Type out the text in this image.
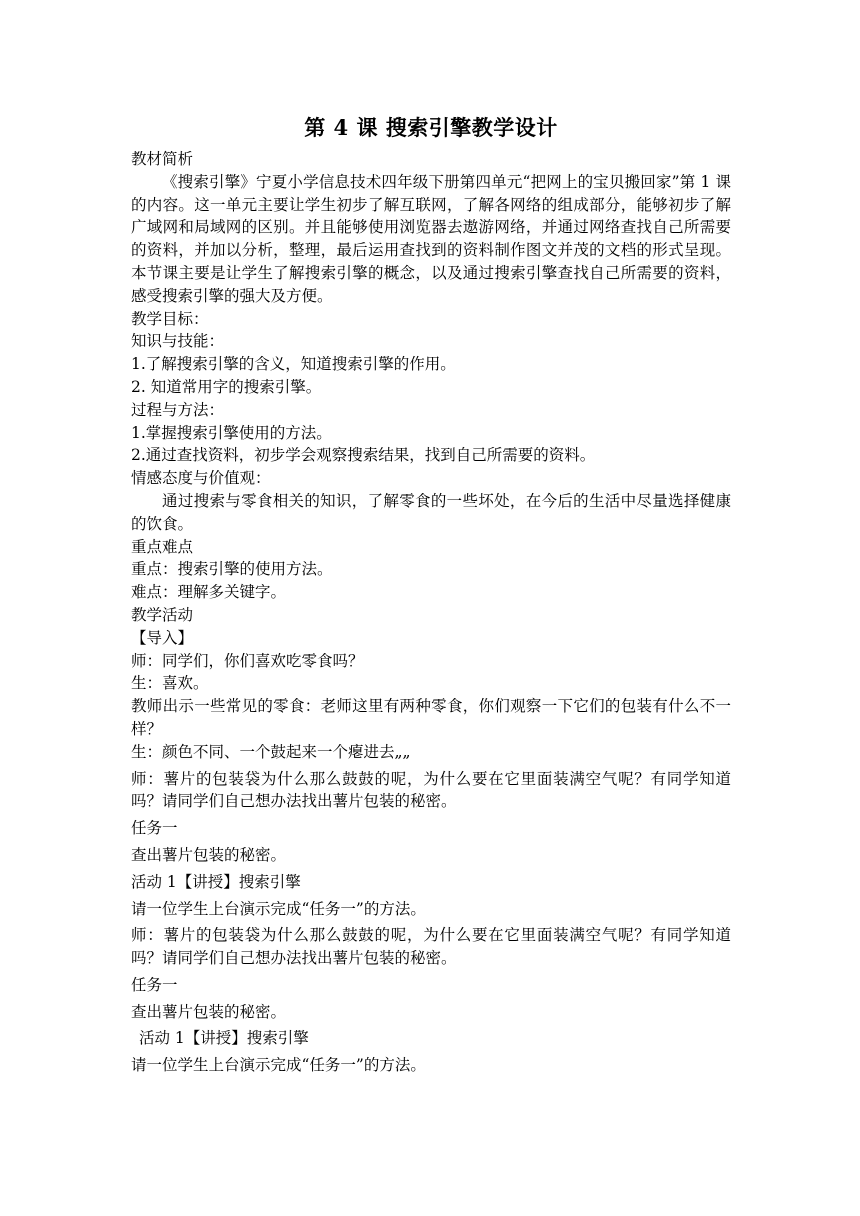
第 4 课 搜索引擎教学设计

教材简析

《搜索引擎》宁夏小学信息技术四年级下册第四单元“把网上的宝贝搬回家”第 1 课的内容。这一单元主要让学生初步了解互联网，了解各网络的组成部分，能够初步了解广域网和局域网的区别。并且能够使用浏览器去遨游网络，并通过网络查找自己所需要的资料，并加以分析，整理，最后运用查找到的资料制作图文并茂的文档的形式呈现。本节课主要是让学生了解搜索引擎的概念，以及通过搜索引擎查找自己所需要的资料，感受搜索引擎的强大及方便。

教学目标：

知识与技能：

1.了解搜索引擎的含义，知道搜索引擎的作用。

2. 知道常用字的搜索引擎。

过程与方法：

1.掌握搜索引擎使用的方法。

2.通过查找资料，初步学会观察搜索结果，找到自己所需要的资料。

情感态度与价值观：

通过搜索与零食相关的知识，了解零食的一些坏处，在今后的生活中尽量选择健康的饮食。

重点难点

重点：搜索引擎的使用方法。

难点：理解多关键字。

教学活动

【导入】

师：同学们，你们喜欢吃零食吗？

生：喜欢。

教师出示一些常见的零食：老师这里有两种零食，你们观察一下它们的包装有什么不一样？

生：颜色不同、一个鼓起来一个瘪进去„„

师：薯片的包装袋为什么那么鼓鼓的呢，为什么要在它里面装满空气呢？有同学知道吗？请同学们自己想办法找出薯片包装的秘密。

任务一

查出薯片包装的秘密。

活动 1【讲授】搜索引擎

请一位学生上台演示完成“任务一”的方法。

师：薯片的包装袋为什么那么鼓鼓的呢，为什么要在它里面装满空气呢？有同学知道吗？请同学们自己想办法找出薯片包装的秘密。

任务一

查出薯片包装的秘密。

活动 1【讲授】搜索引擎

请一位学生上台演示完成“任务一”的方法。
